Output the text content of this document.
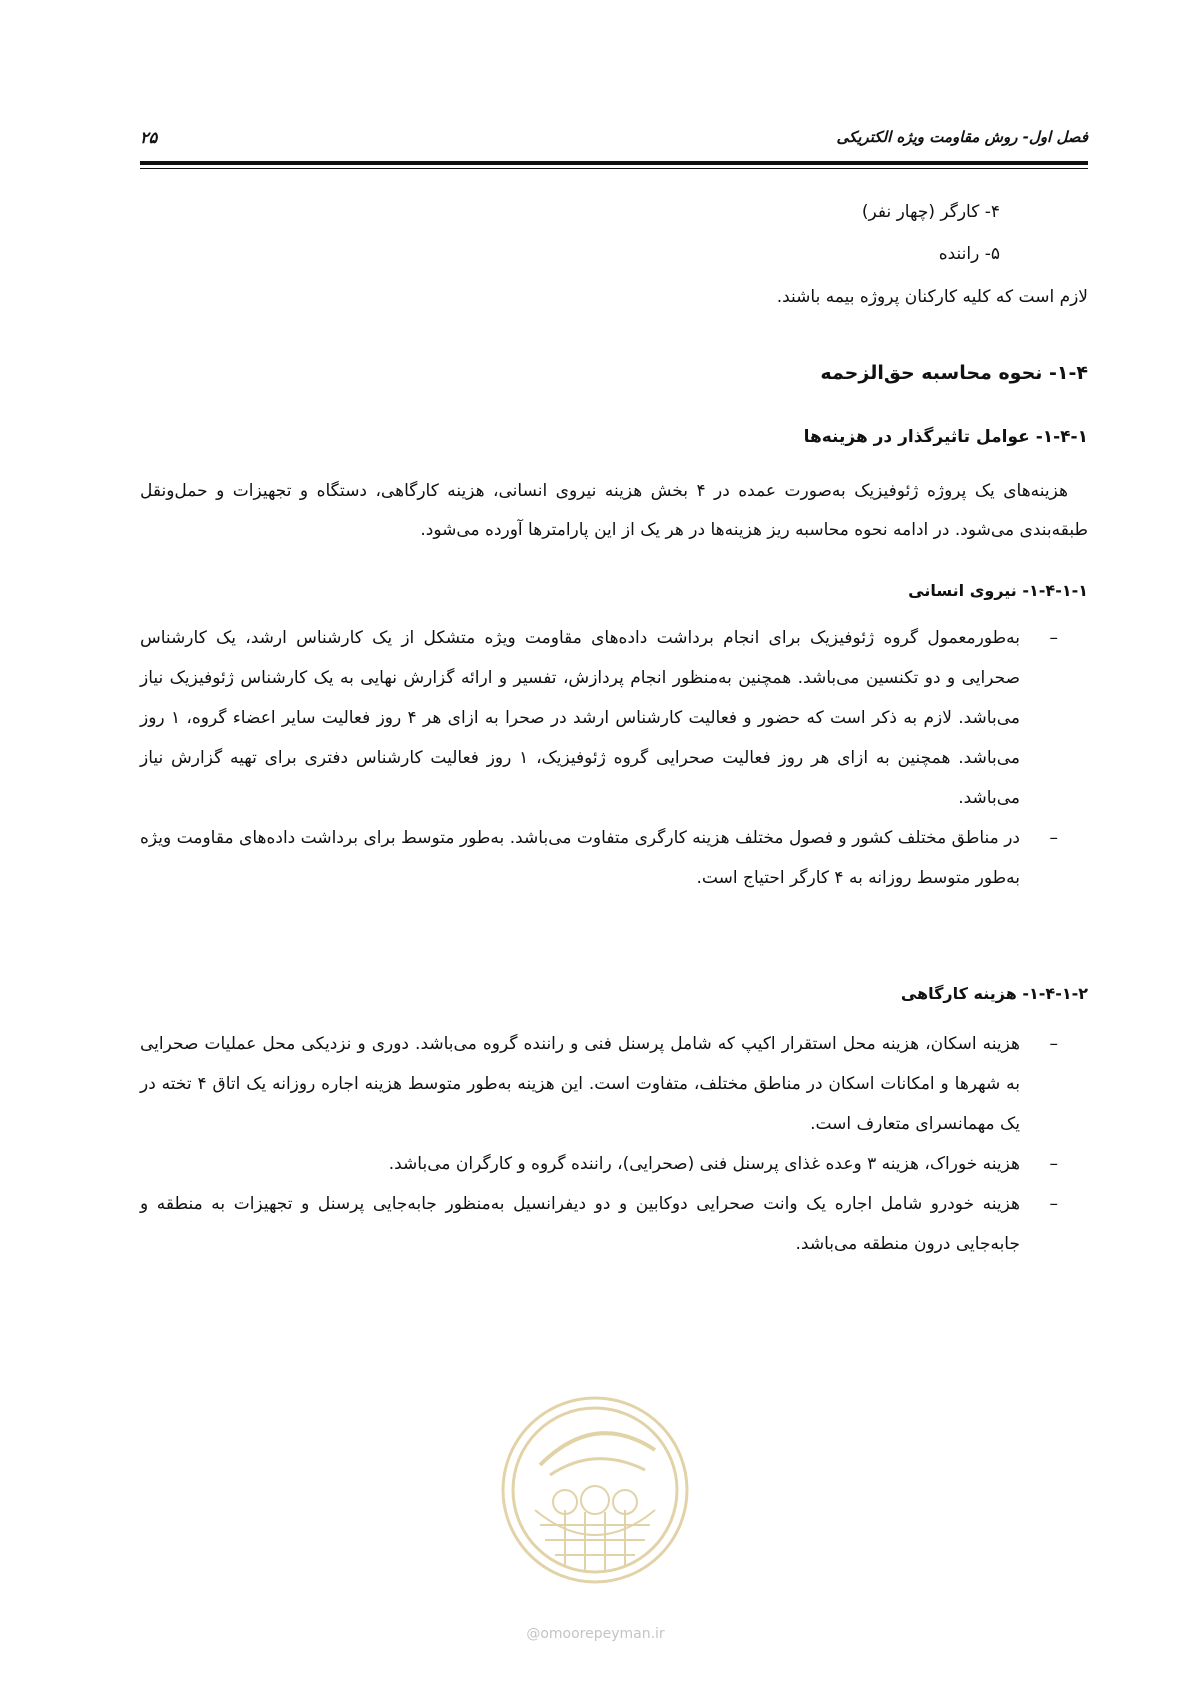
فصل اول- روش مقاومت ویژه الکتریکی
۲۵
۴- کارگر (چهار نفر)
۵- راننده
لازم است که کلیه کارکنان پروژه بیمه باشند.
۱-۴- نحوه محاسبه حق‌الزحمه
۱-۴-۱- عوامل تاثیرگذار در هزینه‌ها

هزینه‌های یک پروژه ژئوفیزیک به‌صورت عمده در ۴ بخش هزینه نیروی انسانی، هزینه کارگاهی، دستگاه و تجهیزات و حمل‌ونقل طبقه‌بندی می‌شود. در ادامه نحوه محاسبه ریز هزینه‌ها در هر یک از این پارامترها آورده می‌شود.

۱-۴-۱-۱- نیروی انسانی
–
به‌طورمعمول گروه ژئوفیزیک برای انجام برداشت داده‌های مقاومت ویژه متشکل از یک کارشناس ارشد، یک کارشناس صحرایی و دو تکنسین می‌باشد. همچنین به‌منظور انجام پردازش، تفسیر و ارائه گزارش نهایی به یک کارشناس ژئوفیزیک نیاز می‌باشد. لازم به ذکر است که حضور و فعالیت کارشناس ارشد در صحرا به ازای هر ۴ روز فعالیت سایر اعضاء گروه، ۱ روز می‌باشد. همچنین به ازای هر روز فعالیت صحرایی گروه ژئوفیزیک، ۱ روز فعالیت کارشناس دفتری برای تهیه گزارش نیاز می‌باشد.
–
در مناطق مختلف کشور و فصول مختلف هزینه کارگری متفاوت می‌باشد. به‌طور متوسط برای برداشت داده‌های مقاومت ویژه به‌طور متوسط روزانه به ۴ کارگر احتیاج است.
۱-۴-۱-۲- هزینه کارگاهی
–
هزینه اسکان، هزینه محل استقرار اکیپ که شامل پرسنل فنی و راننده گروه می‌باشد. دوری و نزدیکی محل عملیات صحرایی به شهرها و امکانات اسکان در مناطق مختلف، متفاوت است. این هزینه به‌طور متوسط هزینه اجاره روزانه یک اتاق ۴ تخته در یک مهمانسرای متعارف است.
–
هزینه خوراک، هزینه ۳ وعده غذای پرسنل فنی (صحرایی)، راننده گروه و کارگران می‌باشد.
–
هزینه خودرو شامل اجاره یک وانت صحرایی دوکابین و دو دیفرانسیل به‌منظور جابه‌جایی پرسنل و تجهیزات به منطقه و جابه‌جایی درون منطقه می‌باشد.
@omoorepeyman.ir
